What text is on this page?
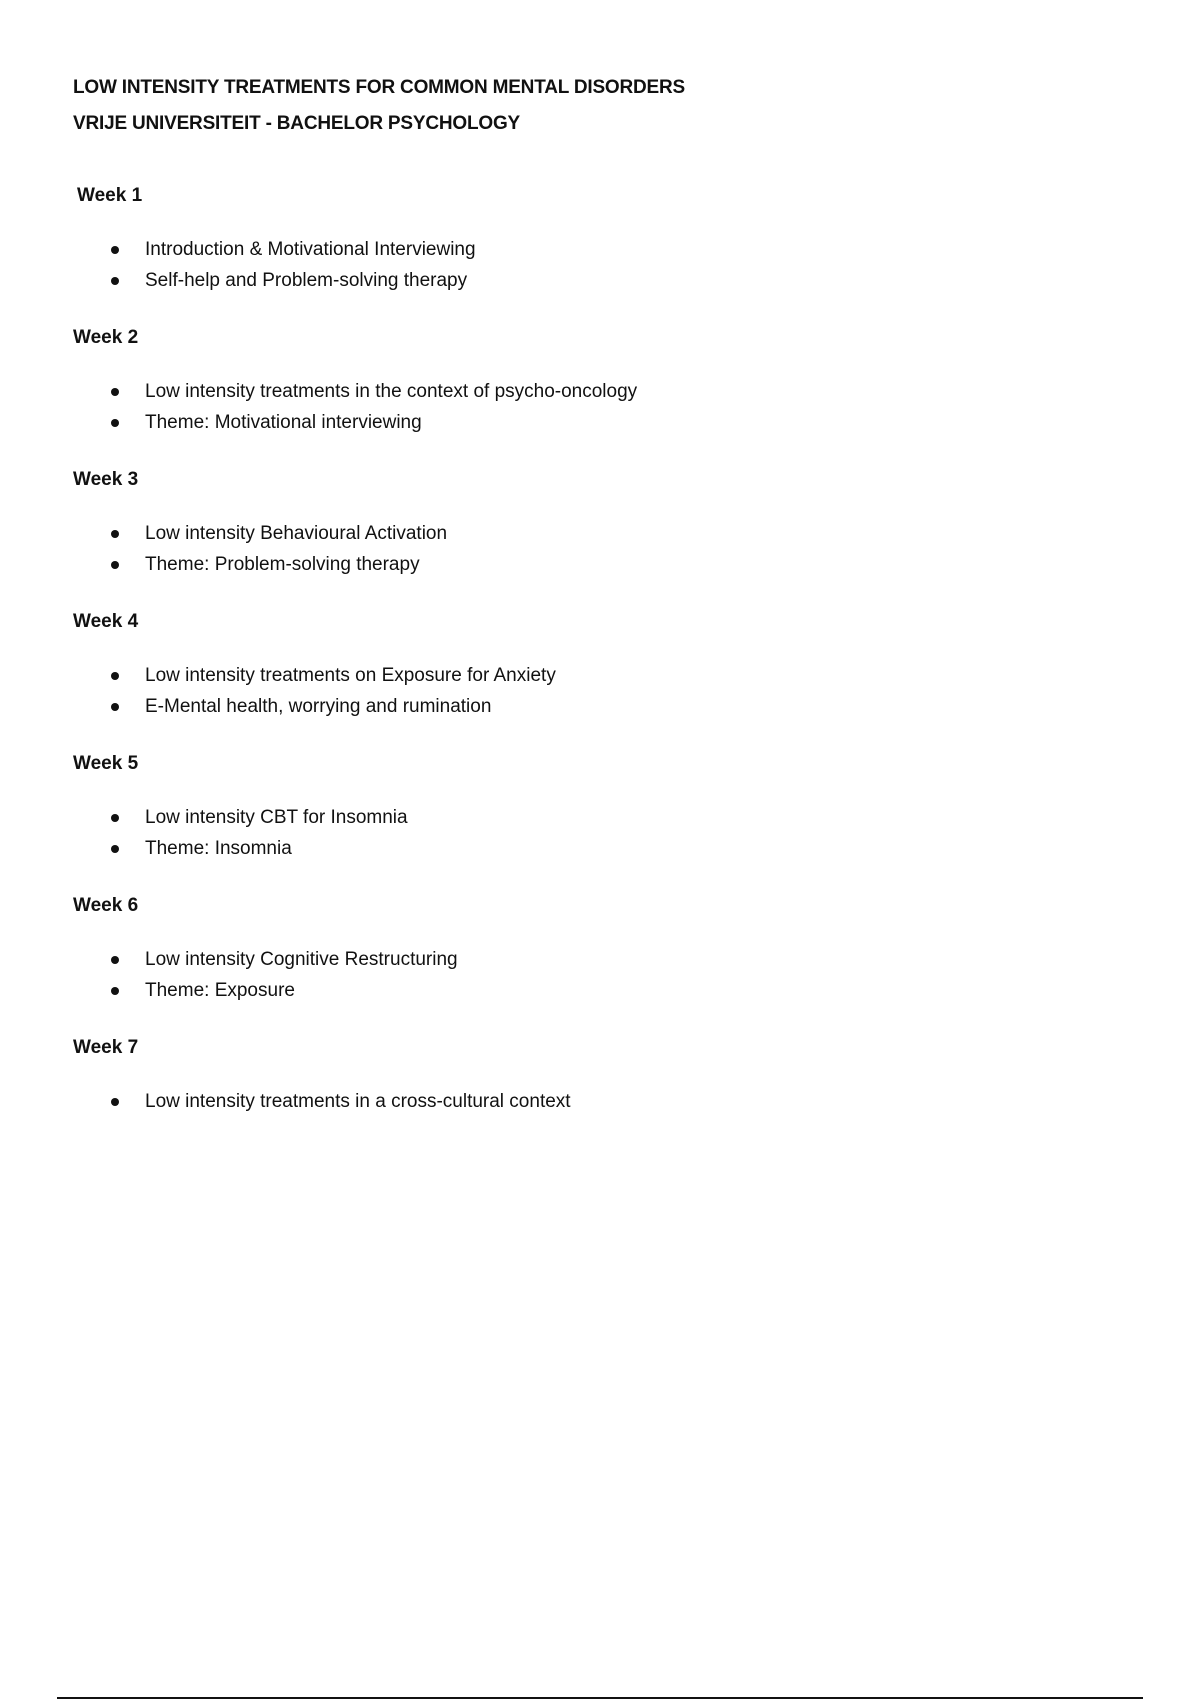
LOW INTENSITY TREATMENTS FOR COMMON MENTAL DISORDERS
VRIJE UNIVERSITEIT - BACHELOR PSYCHOLOGY
Week 1
Introduction & Motivational Interviewing
Self-help and Problem-solving therapy
Week 2
Low intensity treatments in the context of psycho-oncology
Theme: Motivational interviewing
Week 3
Low intensity Behavioural Activation
Theme: Problem-solving therapy
Week 4
Low intensity treatments on Exposure for Anxiety
E-Mental health, worrying and rumination
Week 5
Low intensity CBT for Insomnia
Theme: Insomnia
Week 6
Low intensity Cognitive Restructuring
Theme: Exposure
Week 7
Low intensity treatments in a cross-cultural context
